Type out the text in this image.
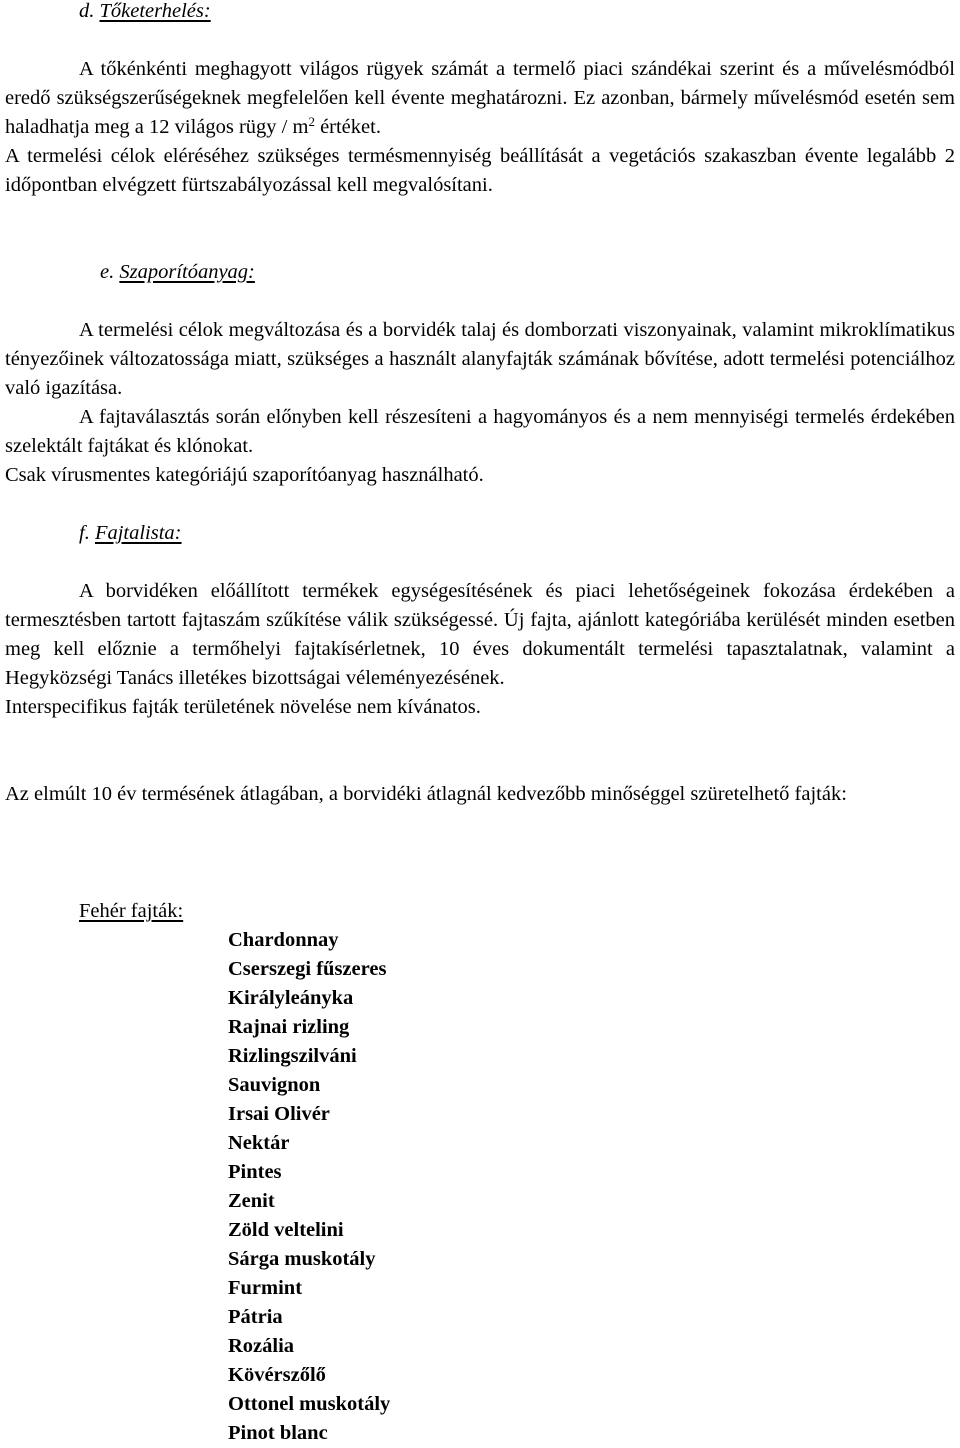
d. Tőketerhelés:

A tőkénkénti meghagyott világos rügyek számát a termelő piaci szándékai szerint és a művelésmódból eredő szükségszerűségeknek megfelelően kell évente meghatározni. Ez azonban, bármely művelésmód esetén sem haladhatja meg a 12 világos rügy / $m^2$ értéket.

A termelési célok eléréséhez szükséges termésmennyiség beállítását a vegetációs szakaszban évente legalább 2 időpontban elvégzett fürtszabályozással kell megvalósítani.

e. Szaporítóanyag:

A termelési célok megváltozása és a borvidék talaj és domborzati viszonyainak, valamint mikroklímatikus tényezőinek változatossága miatt, szükséges a használt alanyfajták számának bővítése, adott termelési potenciálhoz való igazítása.

A fajtaválasztás során előnyben kell részesíteni a hagyományos és a nem mennyiségi termelés érdekében szelektált fajtákat és klónokat.

Csak vírusmentes kategóriájú szaporítóanyag használható.

f. Fajtalista:

A borvidéken előállított termékek egységesítésének és piaci lehetőségeinek fokozása érdekében a termesztésben tartott fajtaszám szűkítése válik szükségessé. Új fajta, ajánlott kategóriába kerülését minden esetben meg kell előznie a termőhelyi fajtakísérletnek, 10 éves dokumentált termelési tapasztalatnak, valamint a Hegyközségi Tanács illetékes bizottságai véleményezésének.

Interspecifikus fajták területének növelése nem kívánatos.

Az elmúlt 10 év termésének átlagában, a borvidéki átlagnál kedvezőbb minőséggel szüretelhető fajták:

Fehér fajták:
Chardonnay
Cserszegi fűszeres
Királyleányka
Rajnai rizling
Rizlingszilváni
Sauvignon
Irsai Olivér
Nektár
Pintes
Zenit
Zöld veltelini
Sárga muskotály
Furmint
Pátria
Rozália
Kövérszőlő
Ottonel muskotály
Pinot blanc
